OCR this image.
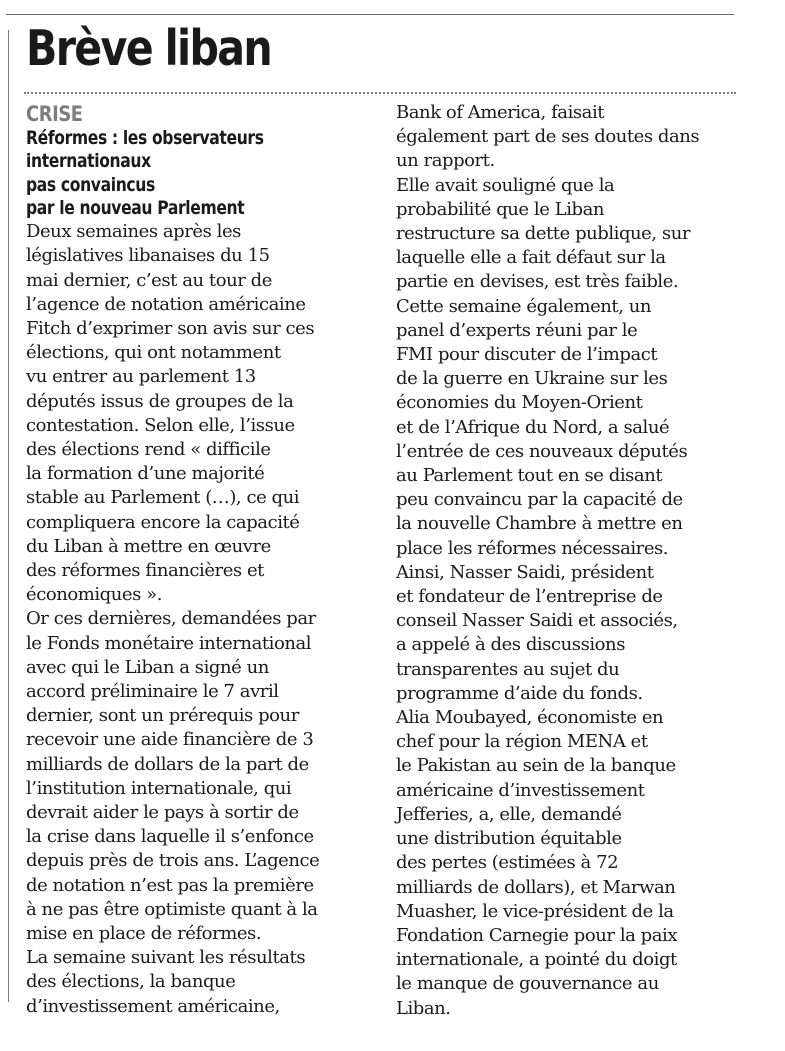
Brève liban
CRISE
Réformes : les observateurs
internationaux
pas convaincus
par le nouveau Parlement
Deux semaines après les
législatives libanaises du 15
mai dernier, c’est au tour de
l’agence de notation américaine
Fitch d’exprimer son avis sur ces
élections, qui ont notamment
vu entrer au parlement 13
députés issus de groupes de la
contestation. Selon elle, l’issue
des élections rend « difficile
la formation d’une majorité
stable au Parlement (…), ce qui
compliquera encore la capacité
du Liban à mettre en œuvre
des réformes financières et
économiques ».
Or ces dernières, demandées par
le Fonds monétaire international
avec qui le Liban a signé un
accord préliminaire le 7 avril
dernier, sont un prérequis pour
recevoir une aide financière de 3
milliards de dollars de la part de
l’institution internationale, qui
devrait aider le pays à sortir de
la crise dans laquelle il s’enfonce
depuis près de trois ans. L’agence
de notation n’est pas la première
à ne pas être optimiste quant à la
mise en place de réformes.
La semaine suivant les résultats
des élections, la banque
d’investissement américaine,
Bank of America, faisait
également part de ses doutes dans
un rapport.
Elle avait souligné que la
probabilité que le Liban
restructure sa dette publique, sur
laquelle elle a fait défaut sur la
partie en devises, est très faible.
Cette semaine également, un
panel d’experts réuni par le
FMI pour discuter de l’impact
de la guerre en Ukraine sur les
économies du Moyen-Orient
et de l’Afrique du Nord, a salué
l’entrée de ces nouveaux députés
au Parlement tout en se disant
peu convaincu par la capacité de
la nouvelle Chambre à mettre en
place les réformes nécessaires.
Ainsi, Nasser Saidi, président
et fondateur de l’entreprise de
conseil Nasser Saidi et associés,
a appelé à des discussions
transparentes au sujet du
programme d’aide du fonds.
Alia Moubayed, économiste en
chef pour la région MENA et
le Pakistan au sein de la banque
américaine d’investissement
Jefferies, a, elle, demandé
une distribution équitable
des pertes (estimées à 72
milliards de dollars), et Marwan
Muasher, le vice-président de la
Fondation Carnegie pour la paix
internationale, a pointé du doigt
le manque de gouvernance au
Liban.
